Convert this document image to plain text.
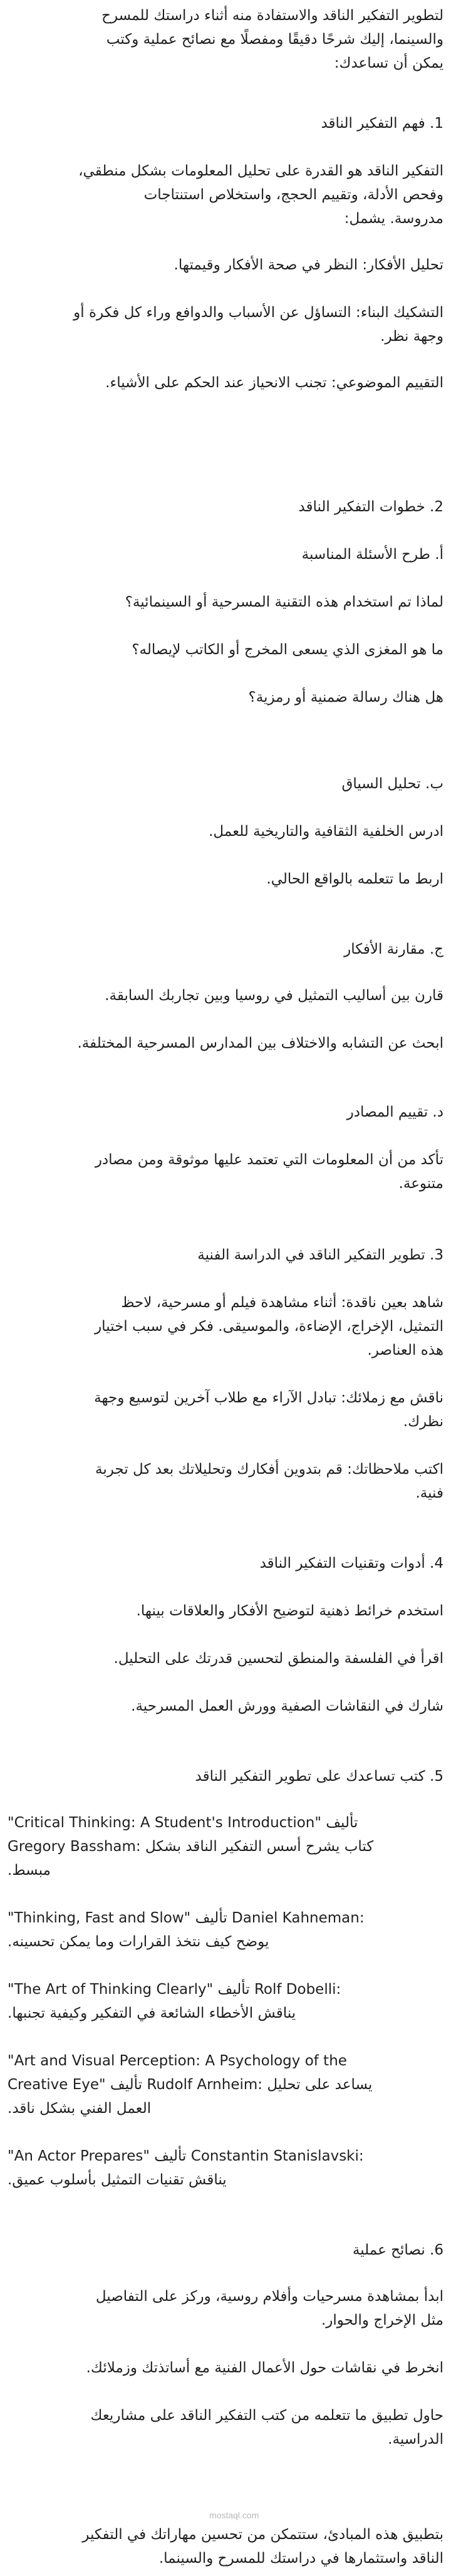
لتطوير التفكير الناقد والاستفادة منه أثناء دراستك للمسرح

والسينما، إليك شرحًا دقيقًا ومفصلًا مع نصائح عملية وكتب

يمكن أن تساعدك:

1. فهم التفكير الناقد

التفكير الناقد هو القدرة على تحليل المعلومات بشكل منطقي،

وفحص الأدلة، وتقييم الحجج، واستخلاص استنتاجات

مدروسة. يشمل:

تحليل الأفكار: النظر في صحة الأفكار وقيمتها.

التشكيك البناء: التساؤل عن الأسباب والدوافع وراء كل فكرة أو

وجهة نظر.

التقييم الموضوعي: تجنب الانحياز عند الحكم على الأشياء.

2. خطوات التفكير الناقد

أ. طرح الأسئلة المناسبة

لماذا تم استخدام هذه التقنية المسرحية أو السينمائية؟

ما هو المغزى الذي يسعى المخرج أو الكاتب لإيصاله؟

هل هناك رسالة ضمنية أو رمزية؟

ب. تحليل السياق

ادرس الخلفية الثقافية والتاريخية للعمل.

اربط ما تتعلمه بالواقع الحالي.

ج. مقارنة الأفكار

قارن بين أساليب التمثيل في روسيا وبين تجاربك السابقة.

ابحث عن التشابه والاختلاف بين المدارس المسرحية المختلفة.

د. تقييم المصادر

تأكد من أن المعلومات التي تعتمد عليها موثوقة ومن مصادر

متنوعة.

3. تطوير التفكير الناقد في الدراسة الفنية

شاهد بعين ناقدة: أثناء مشاهدة فيلم أو مسرحية، لاحظ

التمثيل، الإخراج، الإضاءة، والموسيقى. فكر في سبب اختيار

هذه العناصر.

ناقش مع زملائك: تبادل الآراء مع طلاب آخرين لتوسيع وجهة

نظرك.

اكتب ملاحظاتك: قم بتدوين أفكارك وتحليلاتك بعد كل تجربة

فنية.

4. أدوات وتقنيات التفكير الناقد

استخدم خرائط ذهنية لتوضيح الأفكار والعلاقات بينها.

اقرأ في الفلسفة والمنطق لتحسين قدرتك على التحليل.

شارك في النقاشات الصفية وورش العمل المسرحية.

5. كتب تساعدك على تطوير التفكير الناقد

"Critical Thinking: A Student's Introduction" تأليف

Gregory Bassham: كتاب يشرح أسس التفكير الناقد بشكل

.مبسط

"Thinking, Fast and Slow" تأليف Daniel Kahneman:

.يوضح كيف نتخذ القرارات وما يمكن تحسينه

"The Art of Thinking Clearly" تأليف Rolf Dobelli:

.يناقش الأخطاء الشائعة في التفكير وكيفية تجنبها

"Art and Visual Perception: A Psychology of the

Creative Eye" تأليف Rudolf Arnheim: يساعد على تحليل

.العمل الفني بشكل ناقد

"An Actor Prepares" تأليف Constantin Stanislavski:

.يناقش تقنيات التمثيل بأسلوب عميق

6. نصائح عملية

ابدأ بمشاهدة مسرحيات وأفلام روسية، وركز على التفاصيل

مثل الإخراج والحوار.

انخرط في نقاشات حول الأعمال الفنية مع أساتذتك وزملائك.

حاول تطبيق ما تتعلمه من كتب التفكير الناقد على مشاريعك

الدراسية.

mostaql.com

بتطبيق هذه المبادئ، ستتمكن من تحسين مهاراتك في التفكير

الناقد واستثمارها في دراستك للمسرح والسينما.
